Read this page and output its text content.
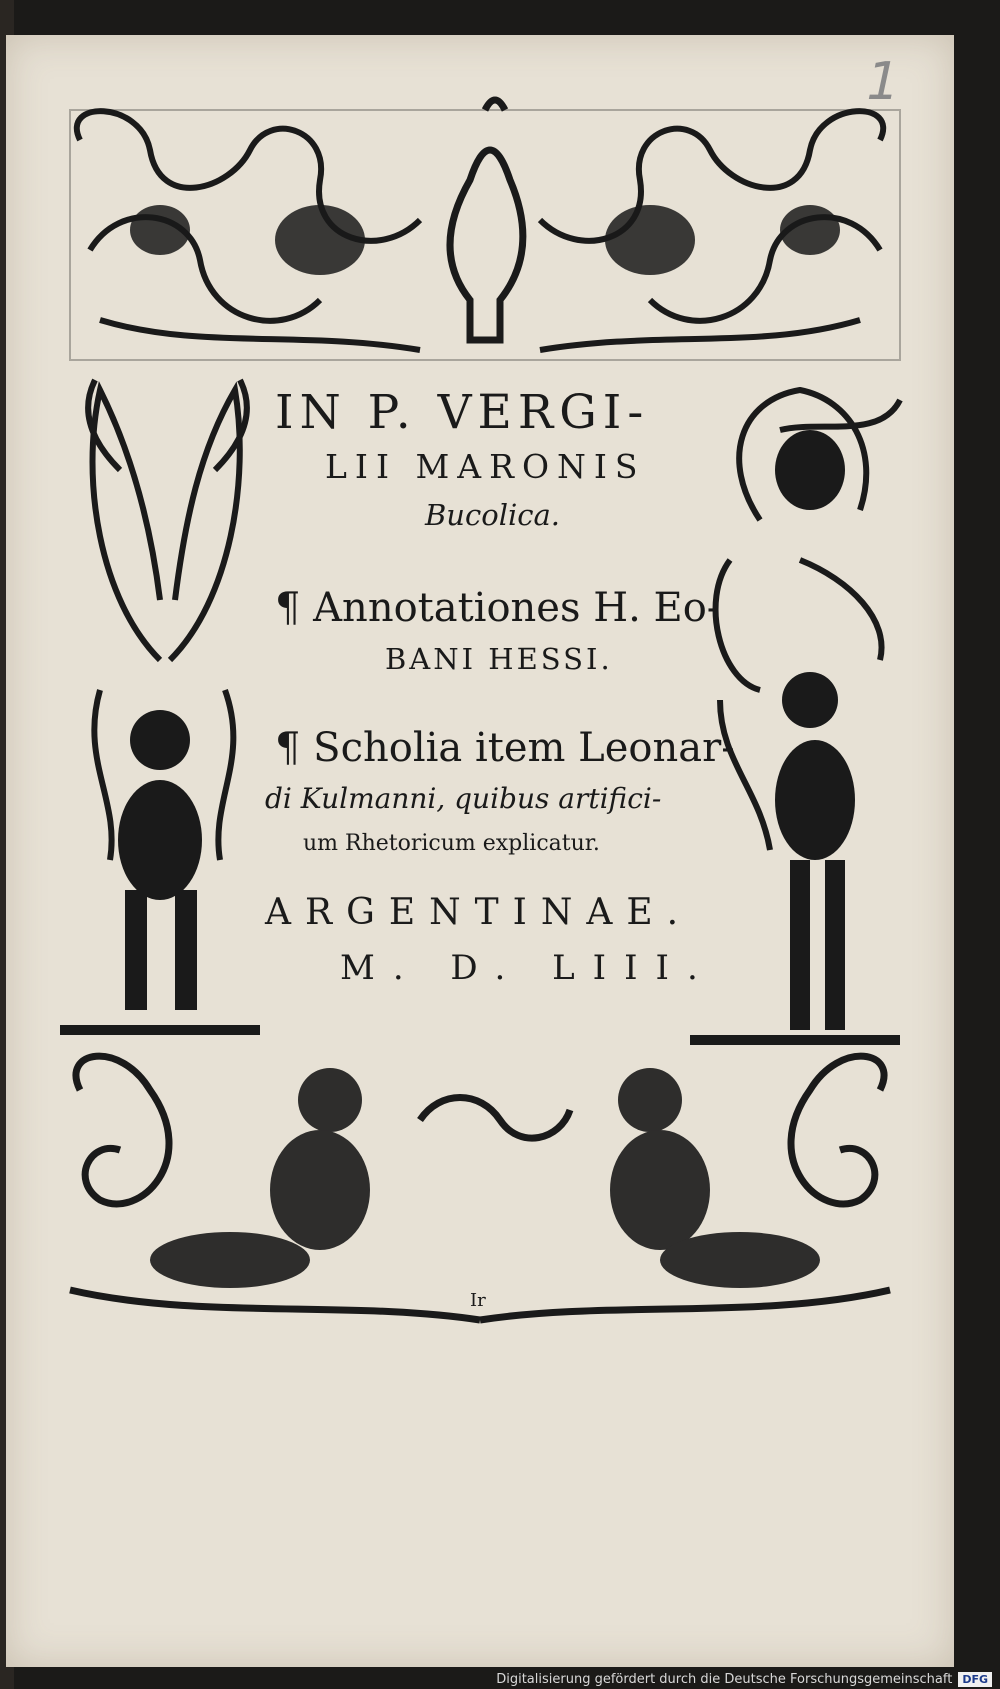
1
IN P. VERGI-
LII MARONIS
Bucolica.
¶ Annotationes H. Eo-
BANI HESSI.
¶ Scholia item Leonar-
di Kulmanni, quibus artifici-
um Rhetoricum explicatur.
ARGENTINAE.
M. D. LIII.
Ir
Digitalisierung gefördert durch die Deutsche Forschungsgemeinschaft DFG
